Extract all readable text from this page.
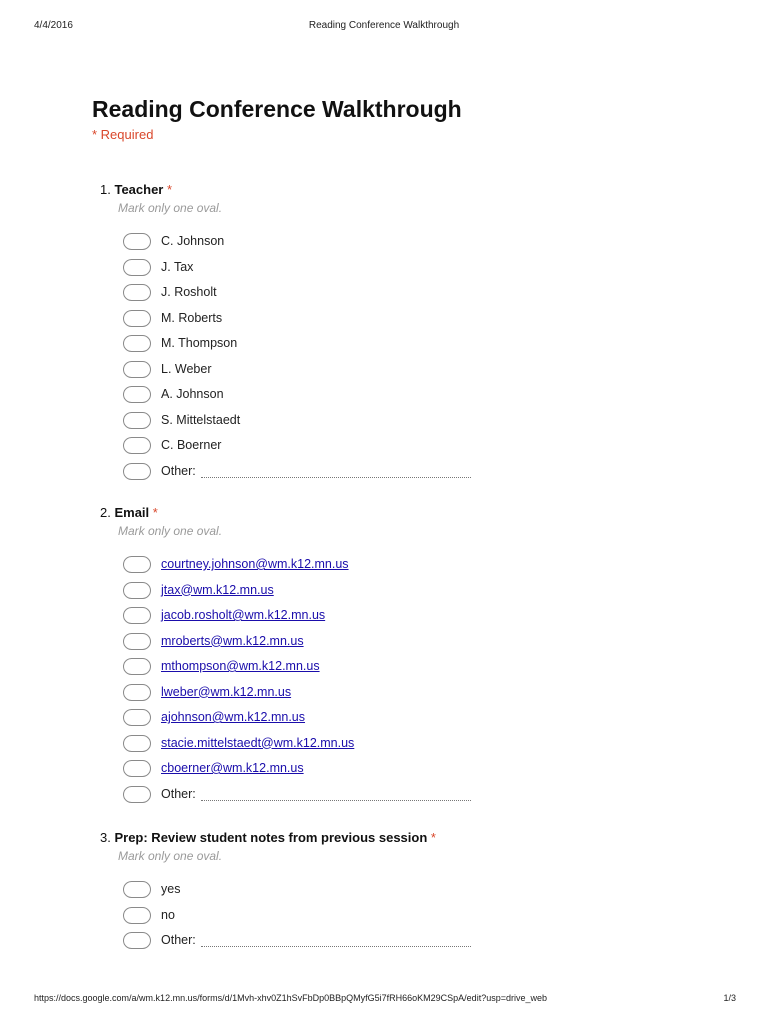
4/4/2016	Reading Conference Walkthrough
Reading Conference Walkthrough
* Required
1. Teacher *
Mark only one oval.
C. Johnson
J. Tax
J. Rosholt
M. Roberts
M. Thompson
L. Weber
A. Johnson
S. Mittelstaedt
C. Boerner
Other:
2. Email *
Mark only one oval.
courtney.johnson@wm.k12.mn.us
jtax@wm.k12.mn.us
jacob.rosholt@wm.k12.mn.us
mroberts@wm.k12.mn.us
mthompson@wm.k12.mn.us
lweber@wm.k12.mn.us
ajohnson@wm.k12.mn.us
stacie.mittelstaedt@wm.k12.mn.us
cboerner@wm.k12.mn.us
Other:
3. Prep: Review student notes from previous session *
Mark only one oval.
yes
no
Other:
https://docs.google.com/a/wm.k12.mn.us/forms/d/1Mvh-xhv0Z1hSvFbDp0BBpQMyfG5i7fRH66oKM29CSpA/edit?usp=drive_web	1/3
